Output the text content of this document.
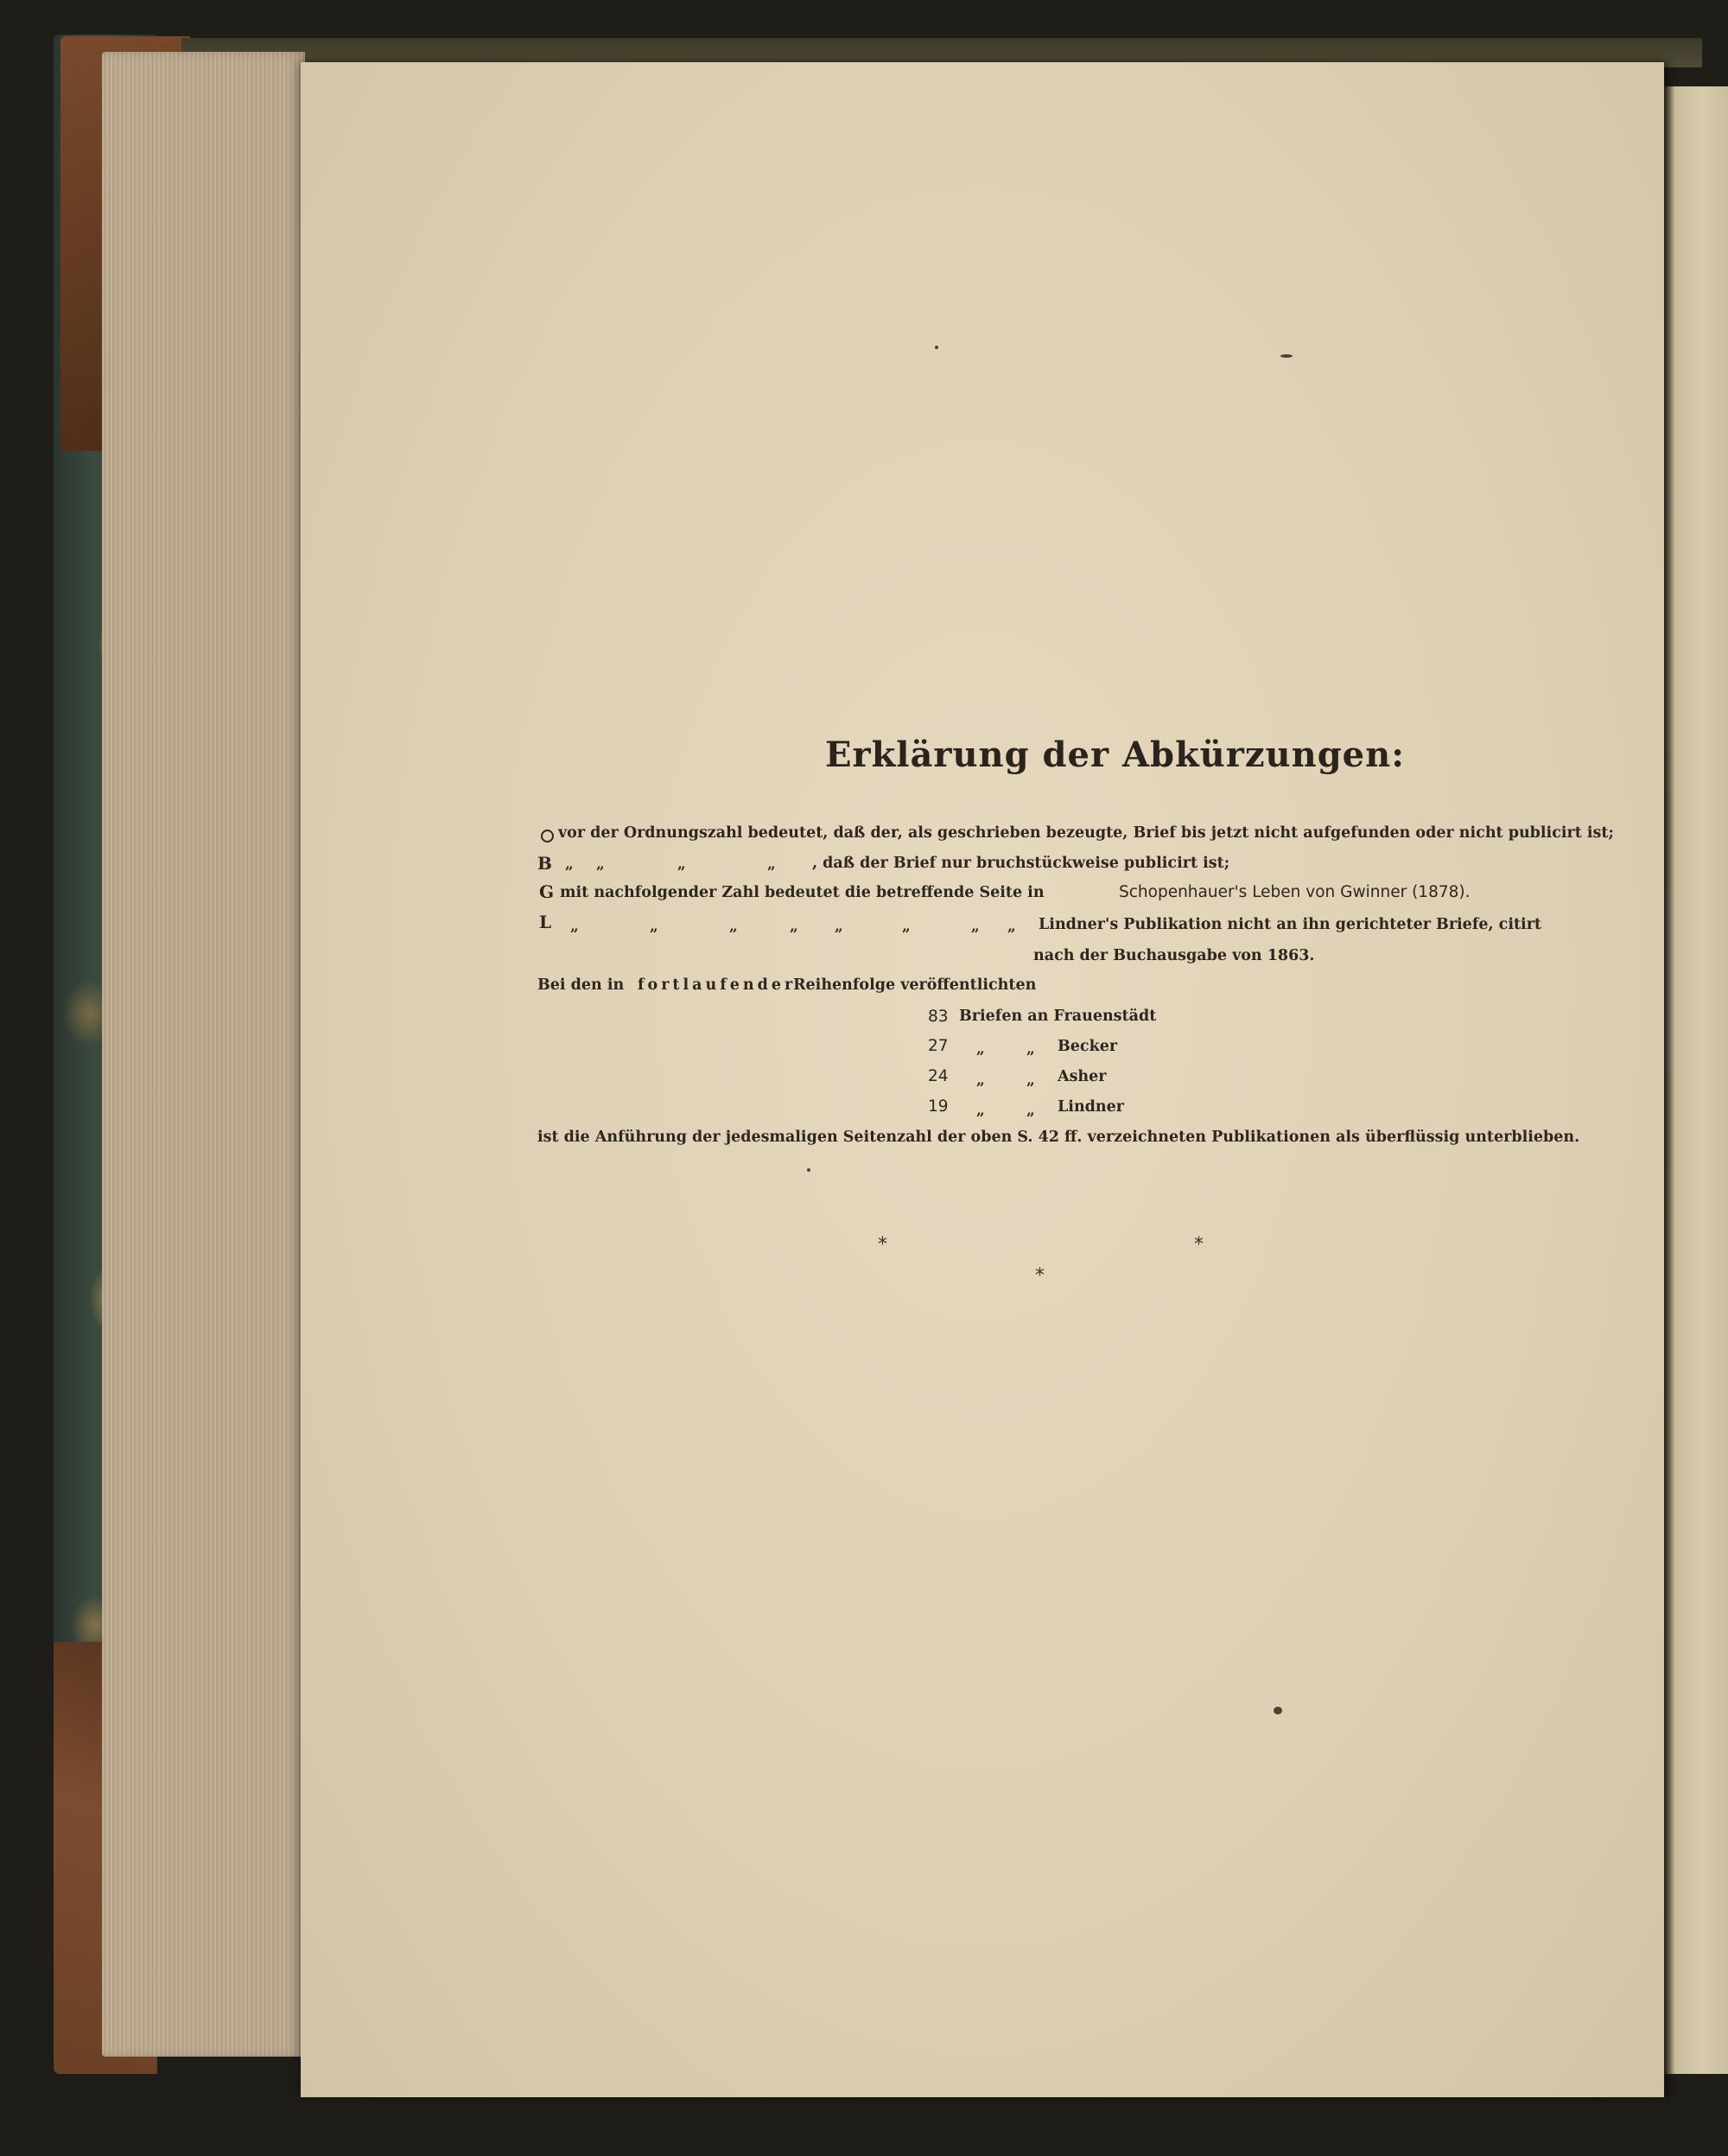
Erklärung der Abkürzungen:
vor der Ordnungszahl bedeutet, daß der, als geschrieben bezeugte, Brief bis jetzt nicht aufgefunden oder nicht publicirt ist;
B „ „	„	„ , daß der Brief nur bruchstückweise publicirt ist;
G mit nachfolgender Zahl bedeutet die betreffende Seite in	Schopenhauer's Leben von Gwinner (1878).
L „	„	„	„ „	„	„ „ Lindner's Publikation nicht an ihn gerichteter Briefe, citirt
nach der Buchausgabe von 1863.
Bei den in fortlaufender
Reihenfolge veröffentlichten
83 Briefen an Frauenstädt
27 „	„ Becker
24 „	„ Asher
19 „	„ Lindner
ist die Anführung der jedesmaligen Seitenzahl der oben S. 42 ff. verzeichneten Publikationen als überflüssig unterblieben.
*	*
*
